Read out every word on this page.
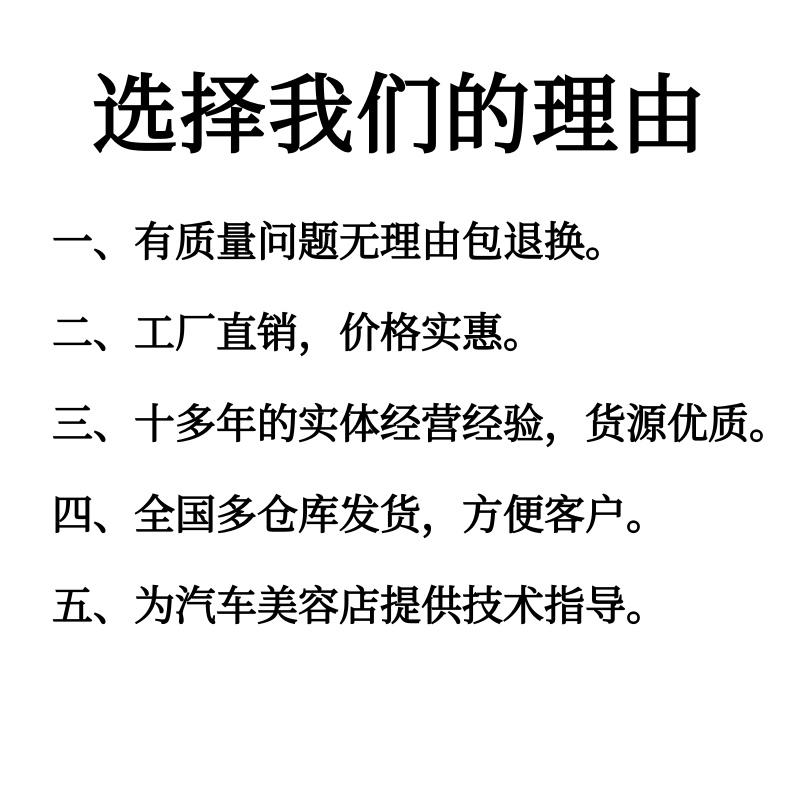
选择我们的理由
一、 有质量问题无理由包退换。
二、 工厂直销，价格实惠。
三、 十多年的实体经营经验，货源优质。
四、 全国多仓库发货，方便客户。
五、 为汽车美容店提供技术指导。
